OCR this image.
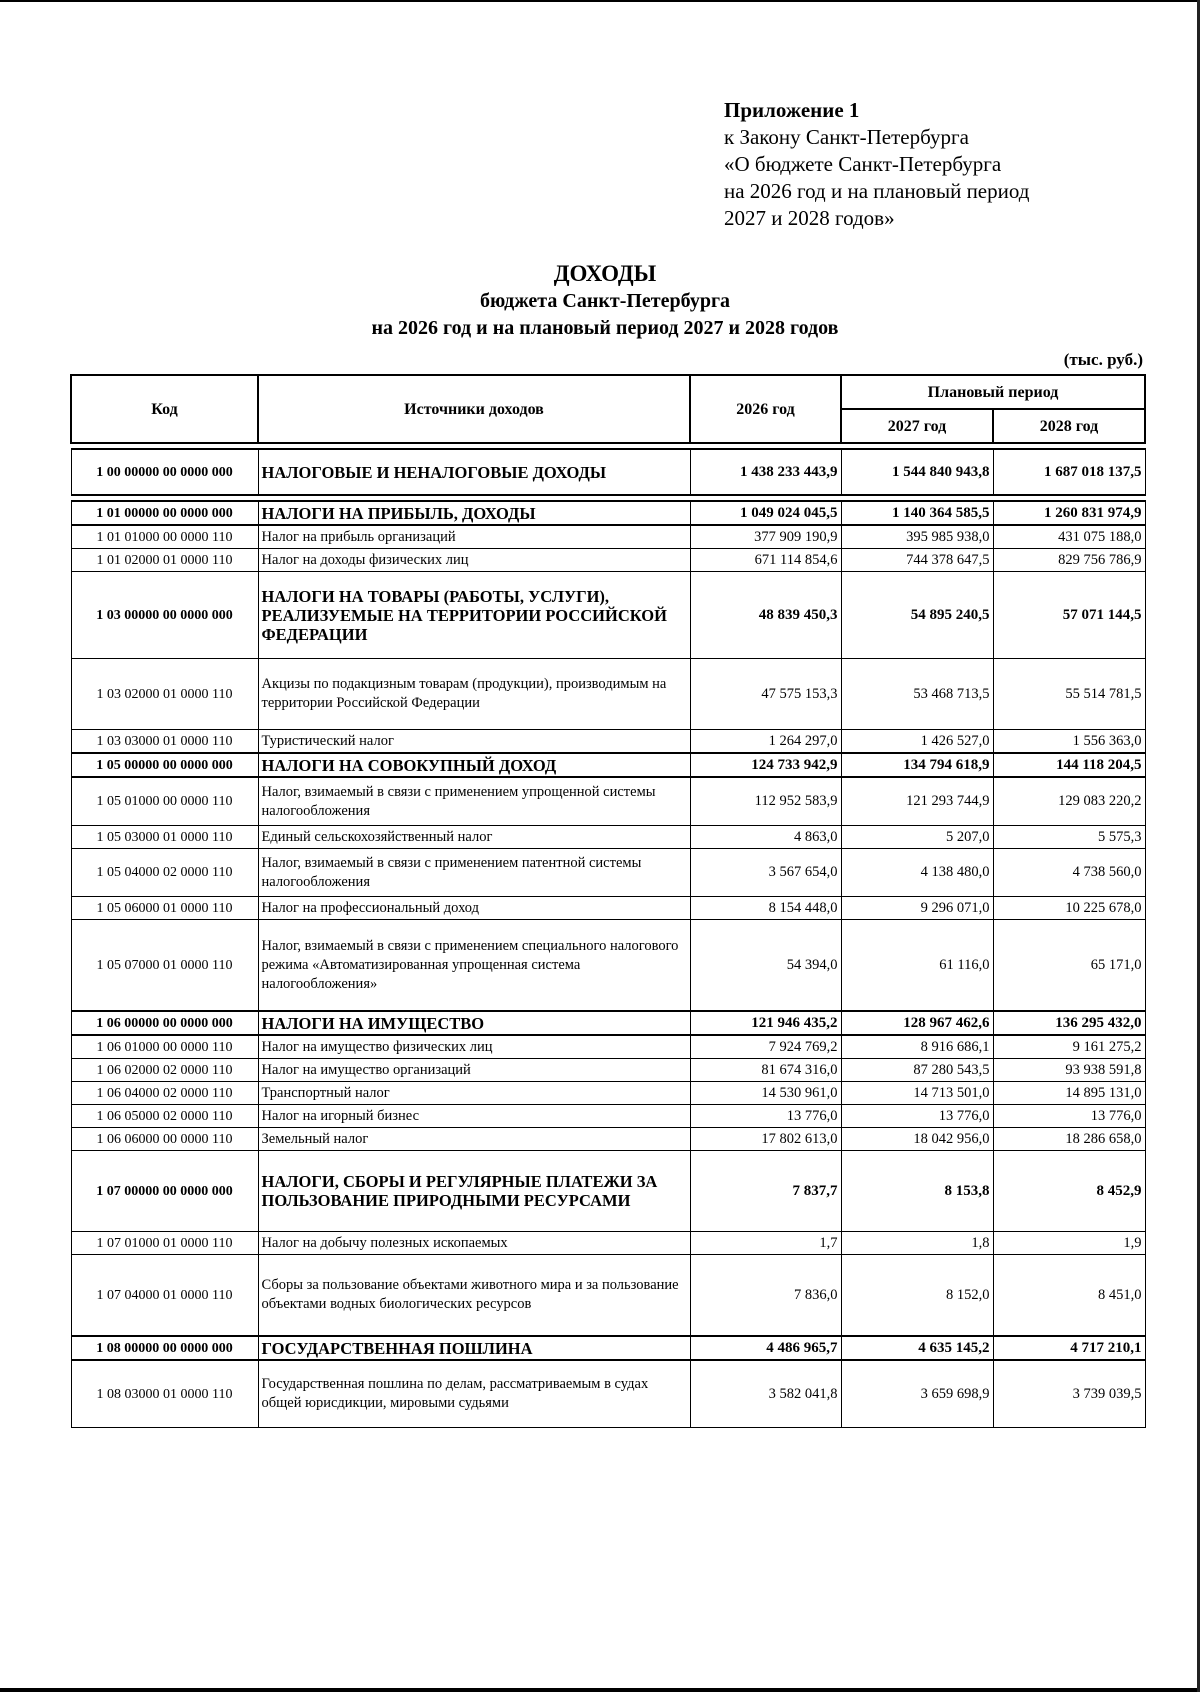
Приложение 1
к Закону Санкт-Петербурга
«О бюджете Санкт-Петербурга
на 2026 год и на плановый период
2027 и 2028 годов»
ДОХОДЫ
бюджета Санкт-Петербурга
на 2026 год и на плановый период 2027 и 2028 годов
(тыс. руб.)
Код	Источники доходов	2026 год	Плановый период	
			2027 год	2028 год

1 00 00000 00 0000 000	НАЛОГОВЫЕ И НЕНАЛОГОВЫЕ ДОХОДЫ	1 438 233 443,9	1 544 840 943,8	1 687 018 137,5

1 01 00000 00 0000 000	НАЛОГИ НА ПРИБЫЛЬ, ДОХОДЫ	1 049 024 045,5	1 140 364 585,5	1 260 831 974,9
1 01 01000 00 0000 110	Налог на прибыль организаций	377 909 190,9	395 985 938,0	431 075 188,0
1 01 02000 01 0000 110	Налог на доходы физических лиц	671 114 854,6	744 378 647,5	829 756 786,9
1 03 00000 00 0000 000	НАЛОГИ НА ТОВАРЫ (РАБОТЫ, УСЛУГИ), РЕАЛИЗУЕМЫЕ НА ТЕРРИТОРИИ РОССИЙСКОЙ ФЕДЕРАЦИИ	48 839 450,3	54 895 240,5	57 071 144,5
1 03 02000 01 0000 110	Акцизы по подакцизным товарам (продукции), производимым на территории Российской Федерации	47 575 153,3	53 468 713,5	55 514 781,5
1 03 03000 01 0000 110	Туристический налог	1 264 297,0	1 426 527,0	1 556 363,0
1 05 00000 00 0000 000	НАЛОГИ НА СОВОКУПНЫЙ ДОХОД	124 733 942,9	134 794 618,9	144 118 204,5
1 05 01000 00 0000 110	Налог, взимаемый в связи с применением упрощенной системы налогообложения	112 952 583,9	121 293 744,9	129 083 220,2
1 05 03000 01 0000 110	Единый сельскохозяйственный налог	4 863,0	5 207,0	5 575,3
1 05 04000 02 0000 110	Налог, взимаемый в связи с применением патентной системы налогообложения	3 567 654,0	4 138 480,0	4 738 560,0
1 05 06000 01 0000 110	Налог на профессиональный доход	8 154 448,0	9 296 071,0	10 225 678,0
1 05 07000 01 0000 110	Налог, взимаемый в связи с применением специального налогового режима «Автоматизированная упрощенная система налогообложения»	54 394,0	61 116,0	65 171,0
1 06 00000 00 0000 000	НАЛОГИ НА ИМУЩЕСТВО	121 946 435,2	128 967 462,6	136 295 432,0
1 06 01000 00 0000 110	Налог на имущество физических лиц	7 924 769,2	8 916 686,1	9 161 275,2
1 06 02000 02 0000 110	Налог на имущество организаций	81 674 316,0	87 280 543,5	93 938 591,8
1 06 04000 02 0000 110	Транспортный налог	14 530 961,0	14 713 501,0	14 895 131,0
1 06 05000 02 0000 110	Налог на игорный бизнес	13 776,0	13 776,0	13 776,0
1 06 06000 00 0000 110	Земельный налог	17 802 613,0	18 042 956,0	18 286 658,0
1 07 00000 00 0000 000	НАЛОГИ, СБОРЫ И РЕГУЛЯРНЫЕ ПЛАТЕЖИ ЗА ПОЛЬЗОВАНИЕ ПРИРОДНЫМИ РЕСУРСАМИ	7 837,7	8 153,8	8 452,9
1 07 01000 01 0000 110	Налог на добычу полезных ископаемых	1,7	1,8	1,9
1 07 04000 01 0000 110	Сборы за пользование объектами животного мира и за пользование объектами водных биологических ресурсов	7 836,0	8 152,0	8 451,0
1 08 00000 00 0000 000	ГОСУДАРСТВЕННАЯ ПОШЛИНА	4 486 965,7	4 635 145,2	4 717 210,1
1 08 03000 01 0000 110	Государственная пошлина по делам, рассматриваемым в судах общей юрисдикции, мировыми судьями	3 582 041,8	3 659 698,9	3 739 039,5
